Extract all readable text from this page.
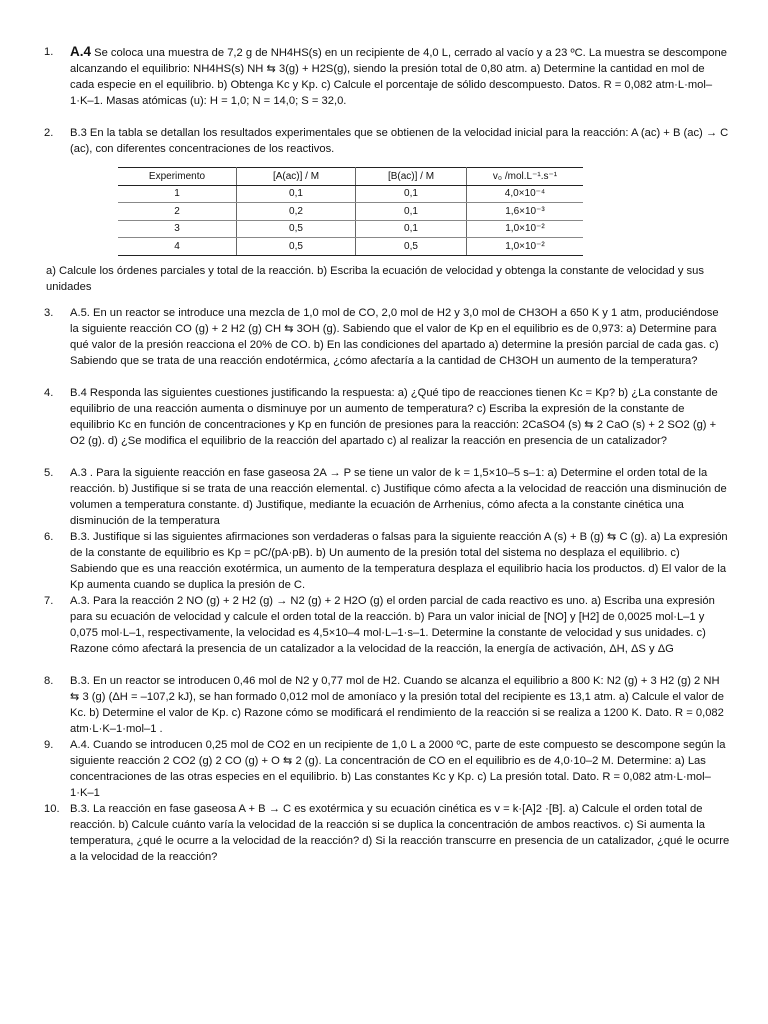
1.	A.4 Se coloca una muestra de 7,2 g de NH4HS(s) en un recipiente de 4,0 L, cerrado al vacío y a 23 ºC. La muestra se descompone alcanzando el equilibrio: NH4HS(s) NH ⇆ 3(g) + H2S(g), siendo la presión total de 0,80 atm. a) Determine la cantidad en mol de cada especie en el equilibrio. b) Obtenga Kc y Kp. c) Calcule el porcentaje de sólido descompuesto. Datos. R = 0,082 atm·L·mol–1·K–1. Masas atómicas (u): H = 1,0; N = 14,0; S = 32,0.
2.	B.3 En la tabla se detallan los resultados experimentales que se obtienen de la velocidad inicial para la reacción: A (ac) + B (ac) → C (ac), con diferentes concentraciones de los reactivos.
Experimento	[A(ac)] / M	[B(ac)] / M	v₀ /mol.L⁻¹.s⁻¹
1	0,1	0,1	4,0×10⁻⁴
2	0,2	0,1	1,6×10⁻³
3	0,5	0,1	1,0×10⁻²
4	0,5	0,5	1,0×10⁻²
a) Calcule los órdenes parciales y total de la reacción. b) Escriba la ecuación de velocidad y obtenga la constante de velocidad y sus unidades
3.	A.5. En un reactor se introduce una mezcla de 1,0 mol de CO, 2,0 mol de H2 y 3,0 mol de CH3OH a 650 K y 1 atm, produciéndose la siguiente reacción CO (g) + 2 H2 (g) CH ⇆ 3OH (g). Sabiendo que el valor de Kp en el equilibrio es de 0,973: a) Determine para qué valor de la presión reacciona el 20% de CO. b) En las condiciones del apartado a) determine la presión parcial de cada gas. c) Sabiendo que se trata de una reacción endotérmica, ¿cómo afectaría a la cantidad de CH3OH un aumento de la temperatura?
4.	B.4 Responda las siguientes cuestiones justificando la respuesta: a) ¿Qué tipo de reacciones tienen Kc = Kp? b) ¿La constante de equilibrio de una reacción aumenta o disminuye por un aumento de temperatura? c) Escriba la expresión de la constante de equilibrio Kc en función de concentraciones y Kp en función de presiones para la reacción: 2CaSO4 (s) ⇆ 2 CaO (s) + 2 SO2 (g) + O2 (g). d) ¿Se modifica el equilibrio de la reacción del apartado c) al realizar la reacción en presencia de un catalizador?
5.	A.3 . Para la siguiente reacción en fase gaseosa 2A → P se tiene un valor de k = 1,5×10–5 s–1: a) Determine el orden total de la reacción. b) Justifique si se trata de una reacción elemental. c) Justifique cómo afecta a la velocidad de reacción una disminución de volumen a temperatura constante. d) Justifique, mediante la ecuación de Arrhenius, cómo afecta a la constante cinética una disminución de la temperatura
6.	B.3. Justifique si las siguientes afirmaciones son verdaderas o falsas para la siguiente reacción A (s) + B (g) ⇆ C (g). a) La expresión de la constante de equilibrio es Kp = pC/(pA·pB). b) Un aumento de la presión total del sistema no desplaza el equilibrio. c) Sabiendo que es una reacción exotérmica, un aumento de la temperatura desplaza el equilibrio hacia los productos. d) El valor de la Kp aumenta cuando se duplica la presión de C.
7.	A.3. Para la reacción 2 NO (g) + 2 H2 (g) → N2 (g) + 2 H2O (g) el orden parcial de cada reactivo es uno. a) Escriba una expresión para su ecuación de velocidad y calcule el orden total de la reacción. b) Para un valor inicial de [NO] y [H2] de 0,0025 mol·L–1 y 0,075 mol·L–1, respectivamente, la velocidad es 4,5×10–4 mol·L–1·s–1. Determine la constante de velocidad y sus unidades. c) Razone cómo afectará la presencia de un catalizador a la velocidad de la reacción, la energía de activación, ΔH, ΔS y ΔG
8.	B.3. En un reactor se introducen 0,46 mol de N2 y 0,77 mol de H2. Cuando se alcanza el equilibrio a 800 K: N2 (g) + 3 H2 (g) 2 NH ⇆ 3 (g) (ΔH = –107,2 kJ), se han formado 0,012 mol de amoníaco y la presión total del recipiente es 13,1 atm. a) Calcule el valor de Kc. b) Determine el valor de Kp. c) Razone cómo se modificará el rendimiento de la reacción si se realiza a 1200 K. Dato. R = 0,082 atm·L·K–1·mol–1 .
9.	A.4. Cuando se introducen 0,25 mol de CO2 en un recipiente de 1,0 L a 2000 ºC, parte de este compuesto se descompone según la siguiente reacción 2 CO2 (g) 2 CO (g) + O ⇆ 2 (g). La concentración de CO en el equilibrio es de 4,0·10–2 M. Determine: a) Las concentraciones de las otras especies en el equilibrio. b) Las constantes Kc y Kp. c) La presión total. Dato. R = 0,082 atm·L·mol–1·K–1
10. B.3. La reacción en fase gaseosa A + B → C es exotérmica y su ecuación cinética es v = k·[A]2 ·[B]. a) Calcule el orden total de reacción. b) Calcule cuánto varía la velocidad de la reacción si se duplica la concentración de ambos reactivos. c) Si aumenta la temperatura, ¿qué le ocurre a la velocidad de la reacción? d) Si la reacción transcurre en presencia de un catalizador, ¿qué le ocurre a la velocidad de la reacción?
